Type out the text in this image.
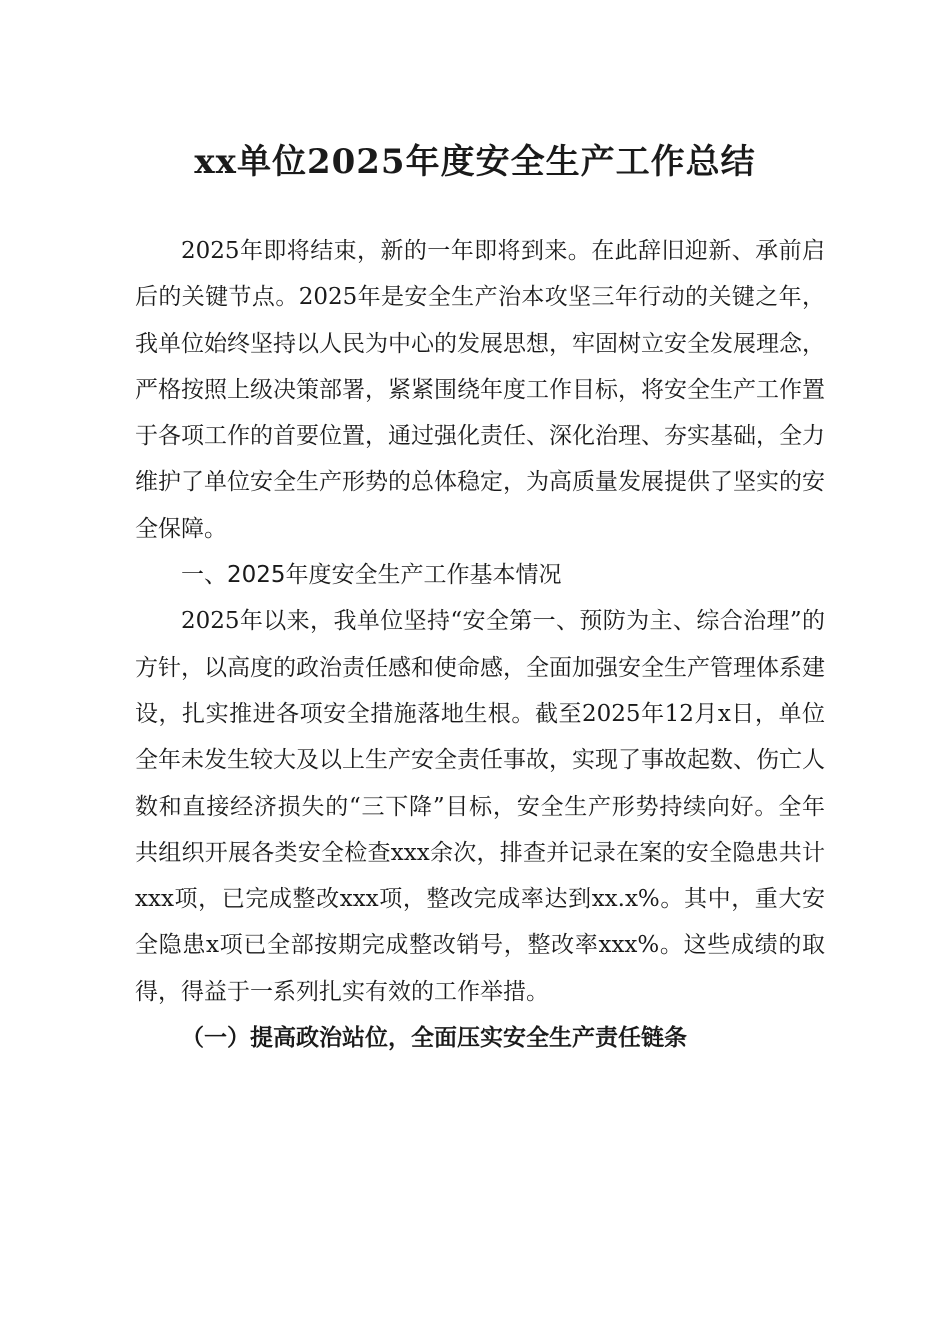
xx单位2025年度安全生产工作总结

2025年即将结束，新的一年即将到来。在此辞旧迎新、承前启后的关键节点。2025年是安全生产治本攻坚三年行动的关键之年，我单位始终坚持以人民为中心的发展思想，牢固树立安全发展理念，严格按照上级决策部署，紧紧围绕年度工作目标，将安全生产工作置于各项工作的首要位置，通过强化责任、深化治理、夯实基础，全力维护了单位安全生产形势的总体稳定，为高质量发展提供了坚实的安全保障。

一、2025年度安全生产工作基本情况

2025年以来，我单位坚持“安全第一、预防为主、综合治理”的方针，以高度的政治责任感和使命感，全面加强安全生产管理体系建设，扎实推进各项安全措施落地生根。截至2025年12月x日，单位全年未发生较大及以上生产安全责任事故，实现了事故起数、伤亡人数和直接经济损失的“三下降”目标，安全生产形势持续向好。全年共组织开展各类安全检查xxx余次，排查并记录在案的安全隐患共计xxx项，已完成整改xxx项，整改完成率达到xx.x%。其中，重大安全隐患x项已全部按期完成整改销号，整改率xxx%。这些成绩的取得，得益于一系列扎实有效的工作举措。

（一）提高政治站位，全面压实安全生产责任链条
